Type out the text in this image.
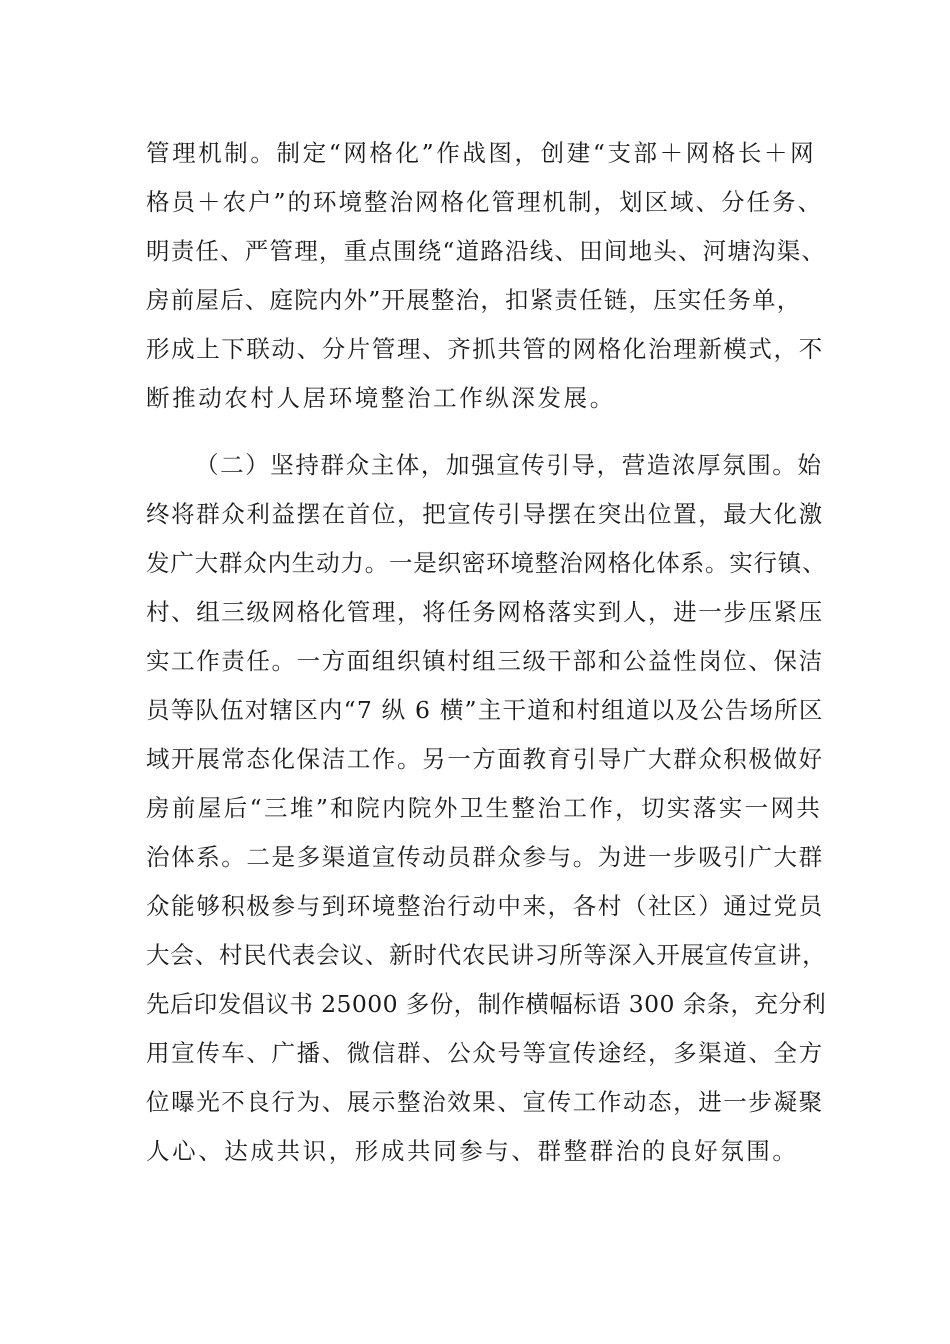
管理机制。制定“网格化”作战图，创建“支部＋网格长＋网
格员＋农户”的环境整治网格化管理机制，划区域、分任务、
明责任、严管理，重点围绕“道路沿线、田间地头、河塘沟渠、
房前屋后、庭院内外”开展整治，扣紧责任链，压实任务单，
形成上下联动、分片管理、齐抓共管的网格化治理新模式，不
断推动农村人居环境整治工作纵深发展。
（二）坚持群众主体，加强宣传引导，营造浓厚氛围。始
终将群众利益摆在首位，把宣传引导摆在突出位置，最大化激
发广大群众内生动力。一是织密环境整治网格化体系。实行镇、
村、组三级网格化管理，将任务网格落实到人，进一步压紧压
实工作责任。一方面组织镇村组三级干部和公益性岗位、保洁
员等队伍对辖区内“7 纵 6 横”主干道和村组道以及公告场所区
域开展常态化保洁工作。另一方面教育引导广大群众积极做好
房前屋后“三堆”和院内院外卫生整治工作，切实落实一网共
治体系。二是多渠道宣传动员群众参与。为进一步吸引广大群
众能够积极参与到环境整治行动中来，各村（社区）通过党员
大会、村民代表会议、新时代农民讲习所等深入开展宣传宣讲，
先后印发倡议书 25000 多份，制作横幅标语 300 余条，充分利
用宣传车、广播、微信群、公众号等宣传途经，多渠道、全方
位曝光不良行为、展示整治效果、宣传工作动态，进一步凝聚
人心、达成共识，形成共同参与、群整群治的良好氛围。
